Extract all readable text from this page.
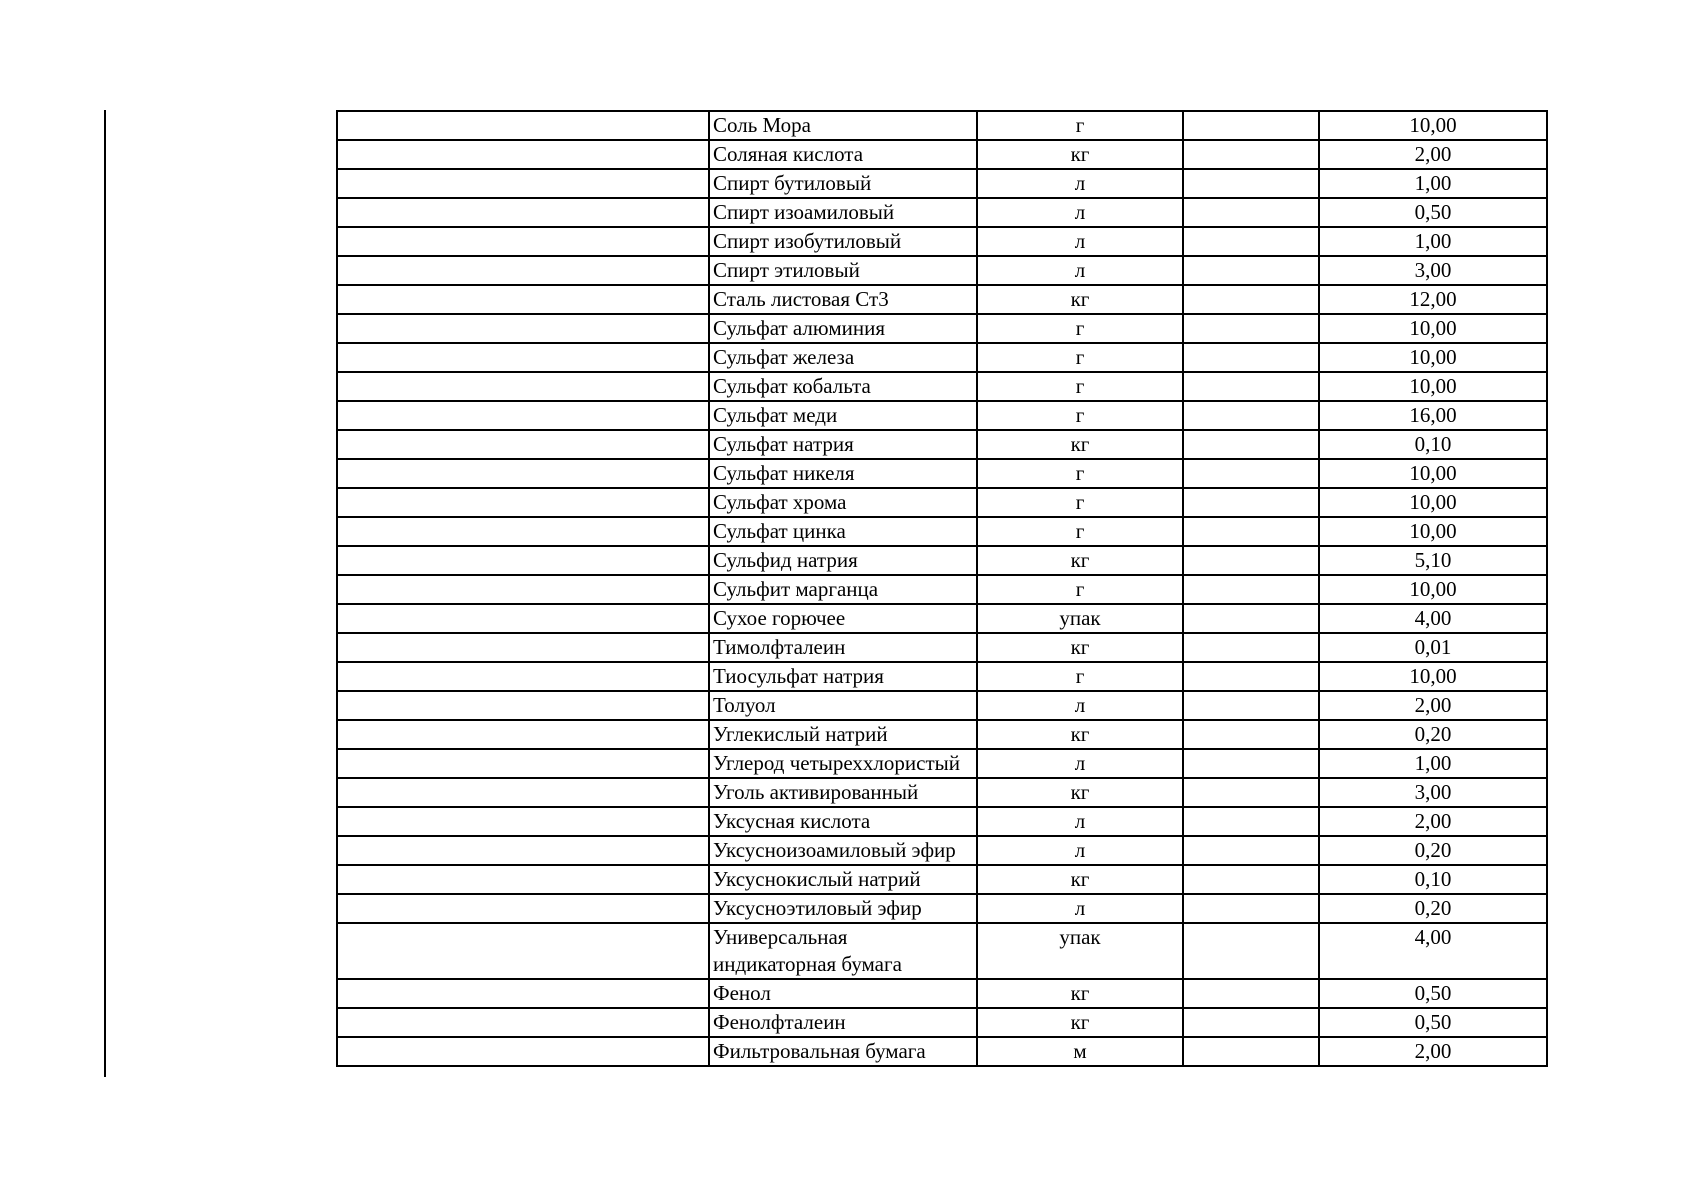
	Соль Мора	г		10,00
	Соляная кислота	кг		2,00
	Спирт бутиловый	л		1,00
	Спирт изоамиловый	л		0,50
	Спирт изобутиловый	л		1,00
	Спирт этиловый	л		3,00
	Сталь листовая Ст3	кг		12,00
	Сульфат алюминия	г		10,00
	Сульфат железа	г		10,00
	Сульфат кобальта	г		10,00
	Сульфат меди	г		16,00
	Сульфат натрия	кг		0,10
	Сульфат никеля	г		10,00
	Сульфат хрома	г		10,00
	Сульфат цинка	г		10,00
	Сульфид натрия	кг		5,10
	Сульфит марганца	г		10,00
	Сухое горючее	упак		4,00
	Тимолфталеин	кг		0,01
	Тиосульфат натрия	г		10,00
	Толуол	л		2,00
	Углекислый натрий	кг		0,20
	Углерод четыреххлористый	л		1,00
	Уголь активированный	кг		3,00
	Уксусная кислота	л		2,00
	Уксусноизоамиловый эфир	л		0,20
	Уксуснокислый натрий	кг		0,10
	Уксусноэтиловый эфир	л		0,20
	Универсальная индикаторная бумага	упак		4,00
	Фенол	кг		0,50
	Фенолфталеин	кг		0,50
	Фильтровальная бумага	м		2,00
